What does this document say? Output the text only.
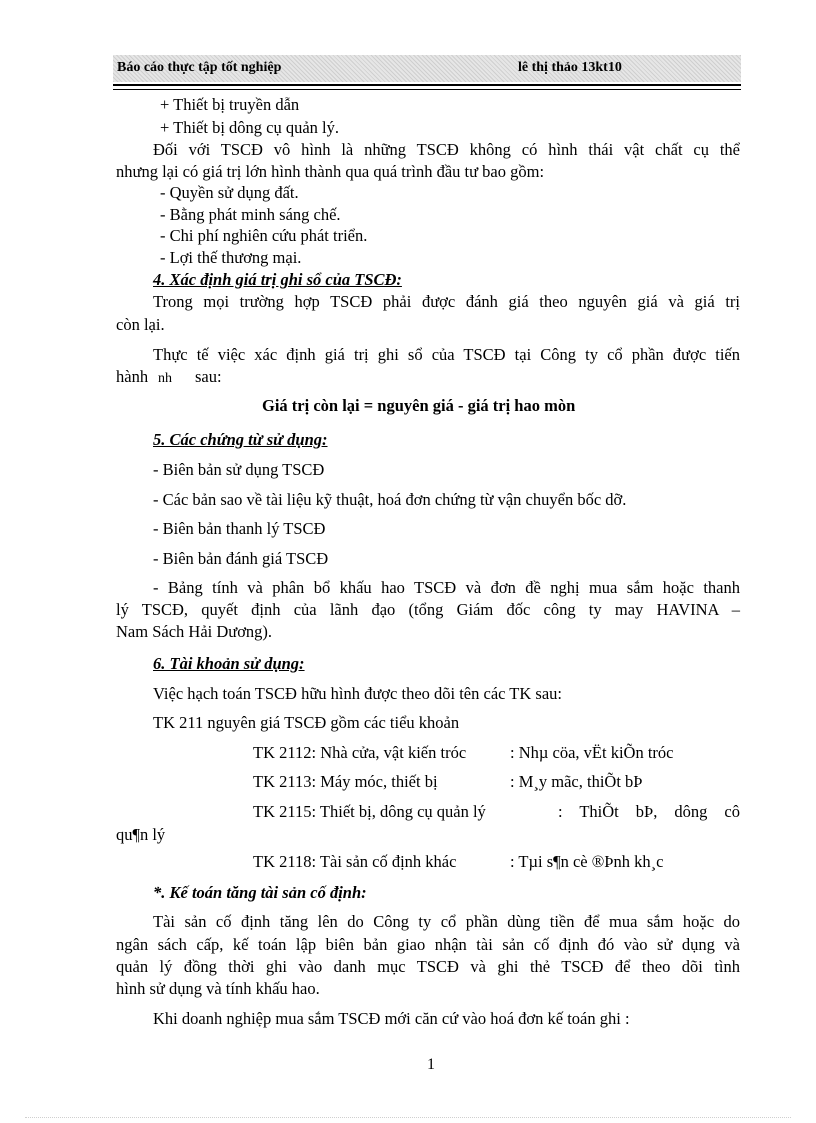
Báo cáo thực tập tốt nghiệp	lê thị thảo 13kt10
+ Thiết bị truyền dẫn
+ Thiết bị dông cụ quản lý.
Đối với TSCĐ vô hình là những TSCĐ không có hình thái vật chất cụ thể
nhưng lại có giá trị lớn hình thành qua quá trình đầu tư bao gồm:
- Quyền sử dụng đất.
- Bằng phát minh sáng chế.
- Chi phí nghiên cứu phát triển.
- Lợi thế thương mại.
4. Xác định giá trị ghi sổ của TSCĐ:
Trong mọi trường hợp TSCĐ phải được đánh giá theo nguyên giá và giá trị
còn lại.
Thực tế việc xác định giá trị ghi sổ của TSCĐ tại Công ty cổ phần được tiến
hành nh sau:
Giá trị còn lại = nguyên giá - giá trị hao mòn
5. Các chứng từ sử dụng:
- Biên bản sử dụng TSCĐ
- Các bản sao về tài liệu kỹ thuật, hoá đơn chứng từ vận chuyển bốc dỡ.
- Biên bản thanh lý TSCĐ
- Biên bản đánh giá TSCĐ
- Bảng tính và phân bổ khấu hao TSCĐ và đơn đề nghị mua sắm hoặc thanh
lý TSCĐ, quyết định của lãnh đạo (tổng Giám đốc công ty may HAVINA –
Nam Sách Hải Dương).
6. Tài khoản sử dụng:
Việc hạch toán TSCĐ hữu hình được theo dõi tên các TK sau:
TK 211 nguyên giá TSCĐ gồm các tiểu khoản
TK 2112: Nhà cửa, vật kiến tróc	: Nhµ cöa, vËt kiÕn tróc
TK 2113: Máy móc, thiết bị	: M¸y mãc, thiÕt bÞ
TK 2115: Thiết bị, dông cụ quản lý	: ThiÕt bÞ, dông cô
qu¶n lý
TK 2118: Tài sản cố định khác	: Tµi s¶n cè ®Þnh kh¸c
*. Kế toán tăng tài sản cố định:
Tài sản cố định tăng lên do Công ty cổ phần dùng tiền để mua sắm hoặc do
ngân sách cấp, kế toán lập biên bản giao nhận tài sản cố định đó vào sử dụng và
quản lý đồng thời ghi vào danh mục TSCĐ và ghi thẻ TSCĐ để theo dõi tình
hình sử dụng và tính khấu hao.
Khi doanh nghiệp mua sắm TSCĐ mới căn cứ vào hoá đơn kế toán ghi :
1
